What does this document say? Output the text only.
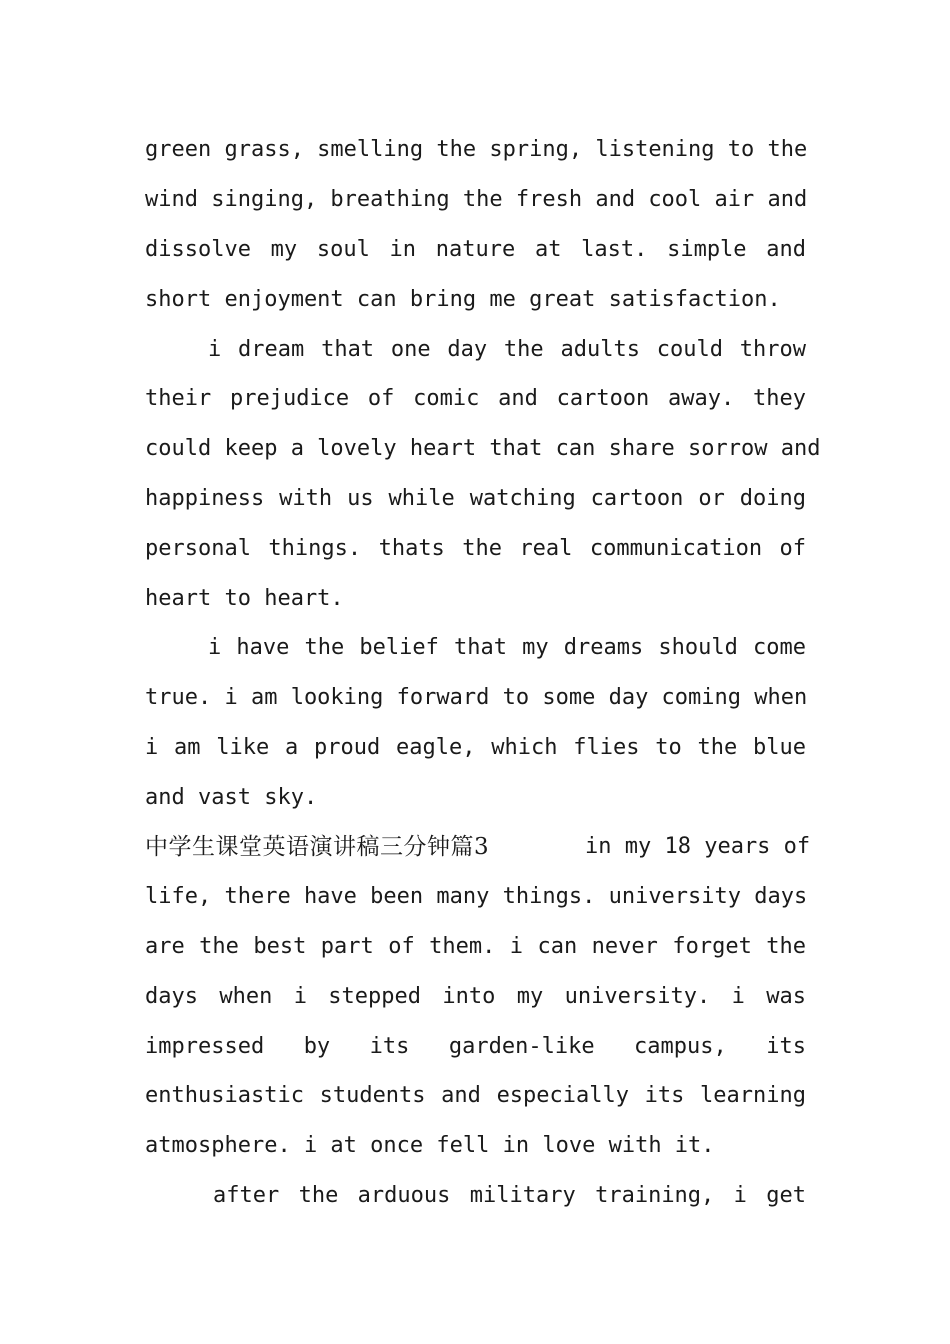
green grass, smelling the spring, listening to the
wind singing, breathing the fresh and cool air and
dissolve my soul in nature at last. simple and
short enjoyment can bring me great satisfaction.
i dream that one day the adults could throw
their prejudice of comic and cartoon away. they
could keep a lovely heart that can share sorrow and
happiness with us while watching cartoon or doing
personal things. thats the real communication of
heart to heart.
i have the belief that my dreams should come
true. i am looking forward to some day coming when
i am like a proud eagle, which flies to the blue
and vast sky.
中学生课堂英语演讲稿三分钟篇3	in my 18 years of
life, there have been many things. university days
are the best part of them. i can never forget the
days when i stepped into my university. i was
impressed by its garden-like campus, its
enthusiastic students and especially its learning
atmosphere. i at once fell in love with it.
after the arduous military training, i get
